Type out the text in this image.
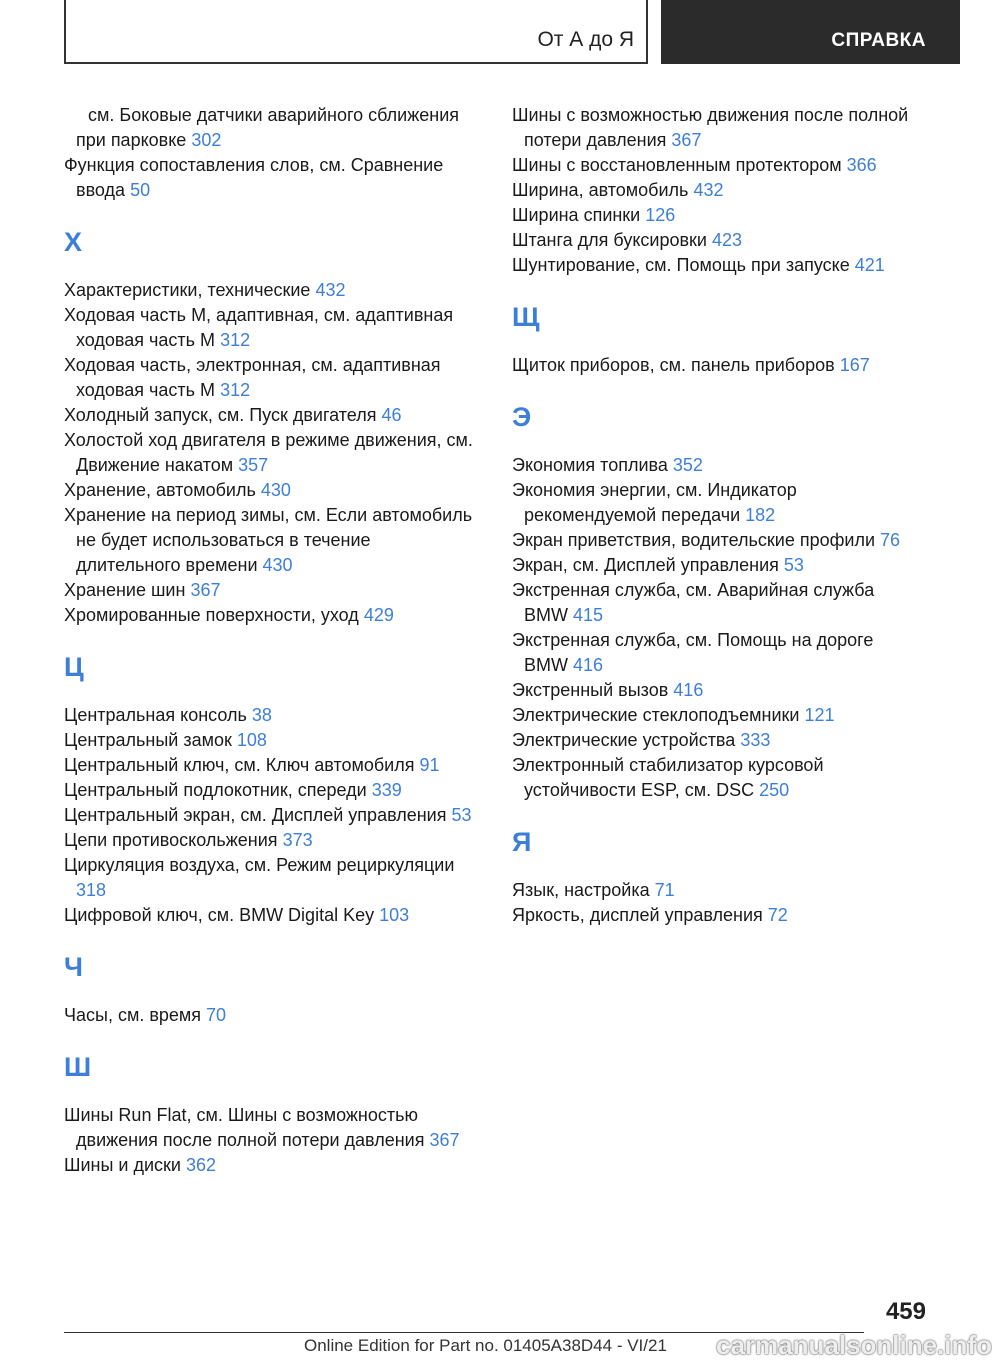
От А до Я	СПРАВКА
см. Боковые датчики аварийного сближения при парковке 302
Функция сопоставления слов, см. Сравнение ввода 50
Х
Характеристики, технические 432
Ходовая часть M, адаптивная, см. адаптивная ходовая часть M 312
Ходовая часть, электронная, см. адаптивная ходовая часть M 312
Холодный запуск, см. Пуск двигателя 46
Холостой ход двигателя в режиме движения, см. Движение накатом 357
Хранение, автомобиль 430
Хранение на период зимы, см. Если автомобиль не будет использоваться в течение длительного времени 430
Хранение шин 367
Хромированные поверхности, уход 429
Ц
Центральная консоль 38
Центральный замок 108
Центральный ключ, см. Ключ автомобиля 91
Центральный подлокотник, спереди 339
Центральный экран, см. Дисплей управления 53
Цепи противоскольжения 373
Циркуляция воздуха, см. Режим рециркуляции 318
Цифровой ключ, см. BMW Digital Key 103
Ч
Часы, см. время 70
Ш
Шины Run Flat, см. Шины с возможностью движения после полной потери давления 367
Шины и диски 362
Шины с возможностью движения после полной потери давления 367
Шины с восстановленным протектором 366
Ширина, автомобиль 432
Ширина спинки 126
Штанга для буксировки 423
Шунтирование, см. Помощь при запуске 421
Щ
Щиток приборов, см. панель приборов 167
Э
Экономия топлива 352
Экономия энергии, см. Индикатор рекомендуемой передачи 182
Экран приветствия, водительские профили 76
Экран, см. Дисплей управления 53
Экстренная служба, см. Аварийная служба BMW 415
Экстренная служба, см. Помощь на дороге BMW 416
Экстренный вызов 416
Электрические стеклоподъемники 121
Электрические устройства 333
Электронный стабилизатор курсовой устойчивости ESP, см. DSC 250
Я
Язык, настройка 71
Яркость, дисплей управления 72
459
Online Edition for Part no. 01405A38D44 - VI/21 carmanualsonline.info
